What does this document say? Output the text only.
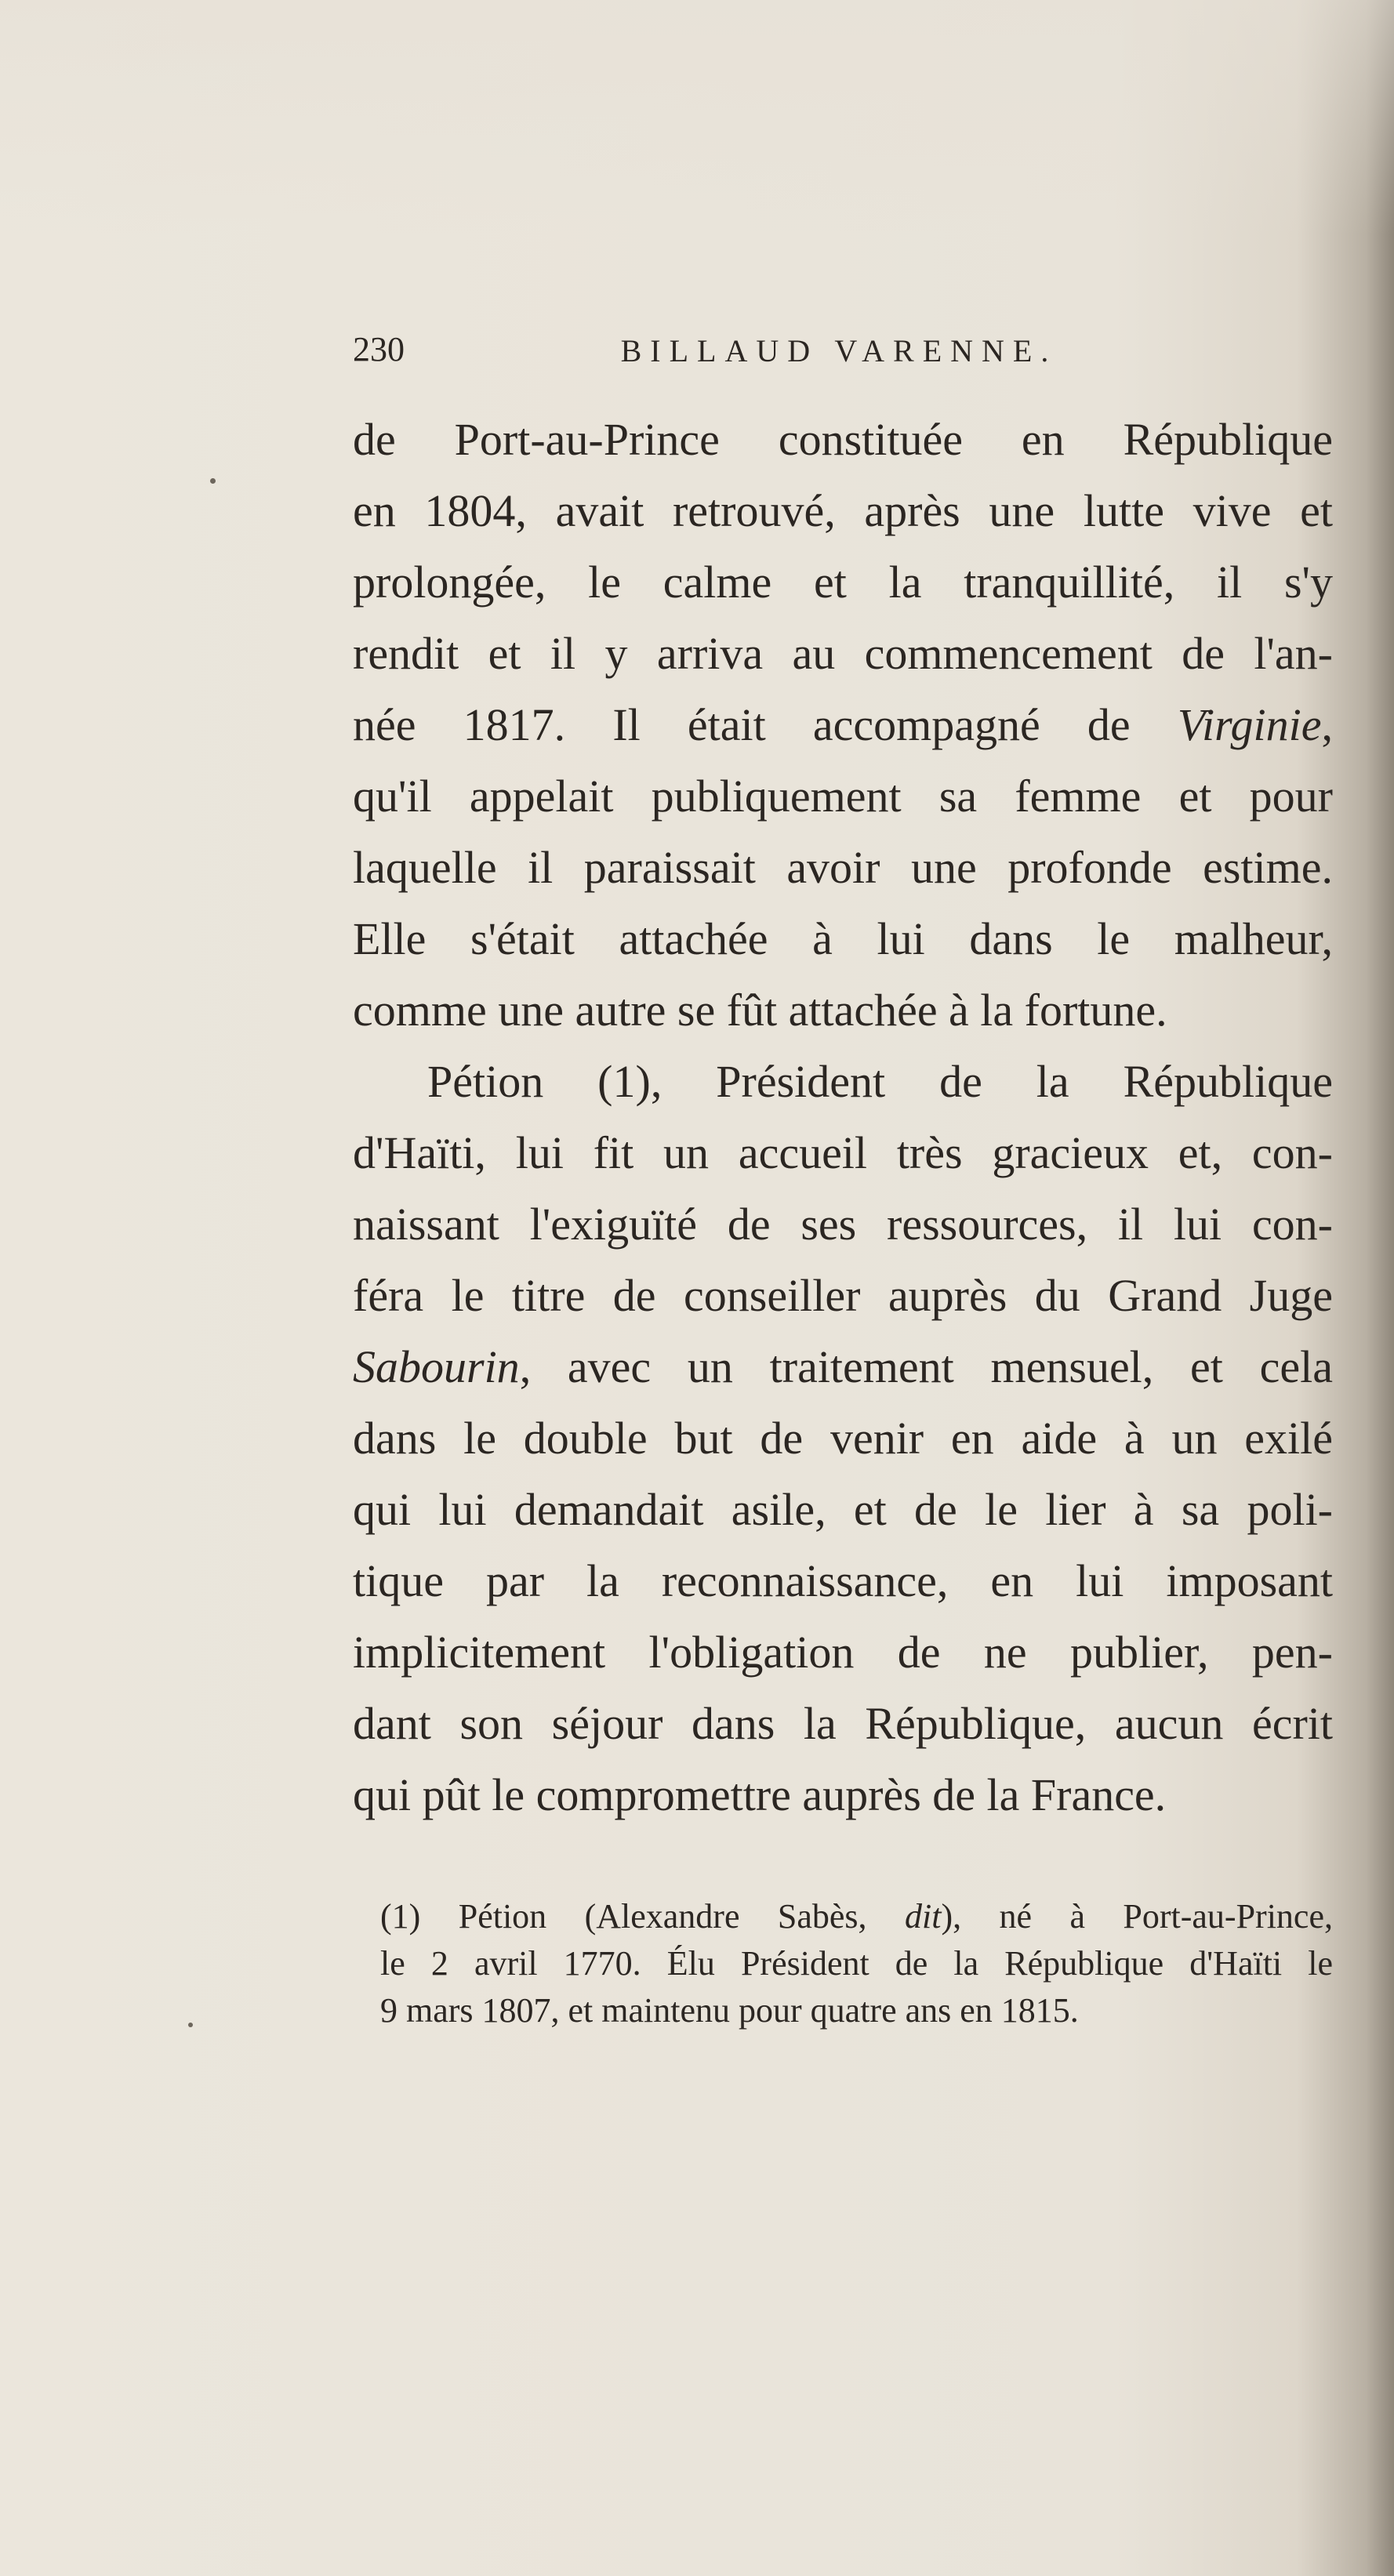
230	BILLAUD VARENNE.
de Port-au-Prince constituée en République
en 1804, avait retrouvé, après une lutte vive et
prolongée, le calme et la tranquillité, il s'y
rendit et il y arriva au commencement de l'an-
née 1817. Il était accompagné de Virginie,
qu'il appelait publiquement sa femme et pour
laquelle il paraissait avoir une profonde estime.
Elle s'était attachée à lui dans le malheur,
comme une autre se fût attachée à la fortune.
Pétion (1), Président de la République
d'Haïti, lui fit un accueil très gracieux et, con-
naissant l'exiguïté de ses ressources, il lui con-
féra le titre de conseiller auprès du Grand Juge
Sabourin, avec un traitement mensuel, et cela
dans le double but de venir en aide à un exilé
qui lui demandait asile, et de le lier à sa poli-
tique par la reconnaissance, en lui imposant
implicitement l'obligation de ne publier, pen-
dant son séjour dans la République, aucun écrit
qui pût le compromettre auprès de la France.
(1) Pétion (Alexandre Sabès, dit), né à Port-au-Prince,
le 2 avril 1770. Élu Président de la République d'Haïti le
9 mars 1807, et maintenu pour quatre ans en 1815.
